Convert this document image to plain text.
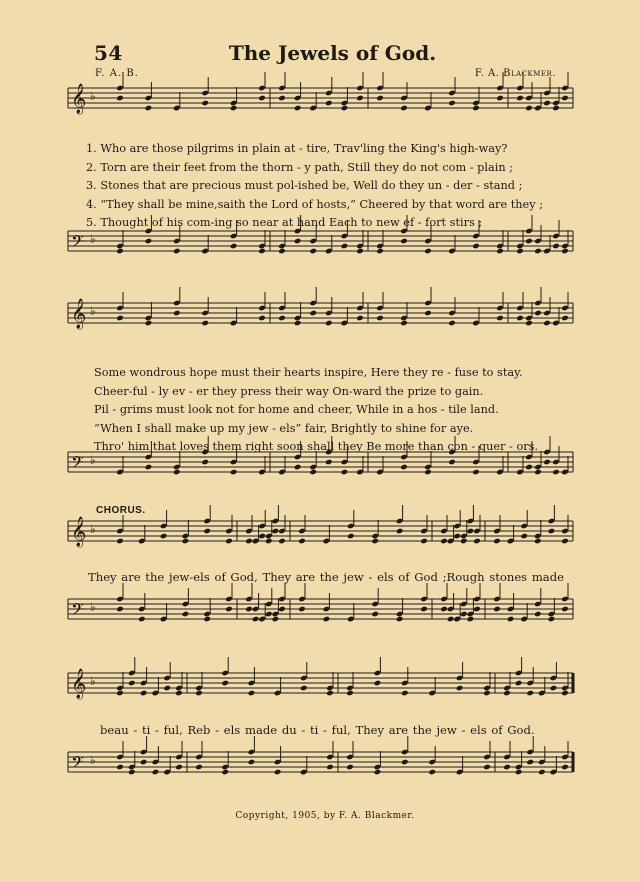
54	The Jewels of God.
F. A. B.	F. A. Blackmer.
𝄞 ♭
𝄢 ♭
𝄞 ♭
𝄢 ♭
𝄞 ♭
𝄢 ♭
𝄞 ♭
𝄢 ♭
1. Who are those pilgrims in plain at - tire, Trav'ling the King's high-way?
2. Torn are their feet from the thorn - y path, Still they do not com - plain ;
3. Stones that are precious must pol-ished be, Well do they un - der - stand ;
4. “They shall be mine,saith the Lord of hosts,” Cheered by that word are they ;
5. Thought of his com-ing so near at hand Each to new ef - fort stirs ;
Some wondrous hope must their hearts inspire, Here they re - fuse to stay.
Cheer-ful - ly ev - er they press their way On-ward the prize to gain.
Pil - grims must look not for home and cheer, While in a hos - tile land.
“When I shall make up my jew - els” fair, Brightly to shine for aye.
Thro' him that loves them right soon shall they Be more than con - quer - ors.
CHORUS.
They are the jew-els of God, They are the jew - els of God ;Rough stones made
beau - ti - ful, Reb - els made du - ti - ful, They are the jew - els of God.
Copyright, 1905, by F. A. Blackmer.
